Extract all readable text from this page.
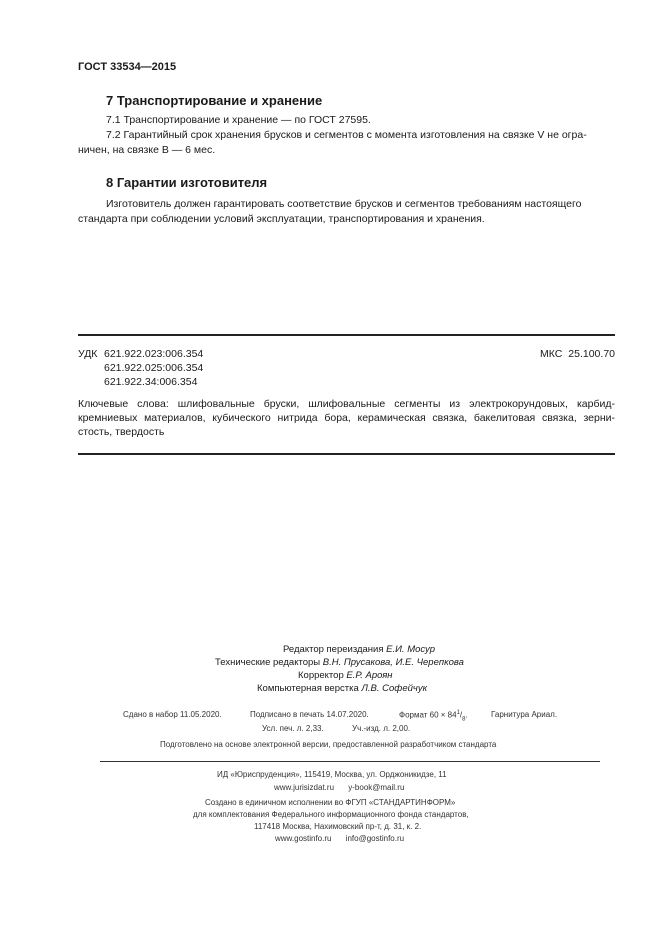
ГОСТ 33534—2015
7 Транспортирование и хранение
7.1 Транспортирование и хранение — по ГОСТ 27595.
7.2 Гарантийный срок хранения брусков и сегментов с момента изготовления на связке V не огра-
ничен, на связке B — 6 мес.
8 Гарантии изготовителя
Изготовитель должен гарантировать соответствие брусков и сегментов требованиям настоящего
стандарта при соблюдении условий эксплуатации, транспортирования и хранения.
УДК 621.922.023:006.354
621.922.025:006.354
621.922.34:006.354
МКС 25.100.70
Ключевые слова: шлифовальные бруски, шлифовальные сегменты из электрокорундовых, карбид-
кремниевых материалов, кубического нитрида бора, керамическая связка, бакелитовая связка, зерни-
стость, твердость
Редактор переиздания Е.И. Мосур
Технические редакторы В.Н. Прусакова, И.Е. Черепкова
Корректор Е.Р. Ароян
Компьютерная верстка Л.В. Софейчук
Сдано в набор 11.05.2020.	Подписано в печать 14.07.2020.	Формат $60 \times 84^1/_8$.	Гарнитура Ариал.
Усл. печ. л. 2,33.	Уч.-изд. л. 2,00.
Подготовлено на основе электронной версии, предоставленной разработчиком стандарта
ИД «Юриспруденция», 115419, Москва, ул. Орджоникидзе, 11
www.jurisizdat.ru y-book@mail.ru
Создано в единичном исполнении во ФГУП «СТАНДАРТИНФОРМ»
для комплектования Федерального информационного фонда стандартов,
117418 Москва, Нахимовский пр-т, д. 31, к. 2.
www.gostinfo.ru info@gostinfo.ru
